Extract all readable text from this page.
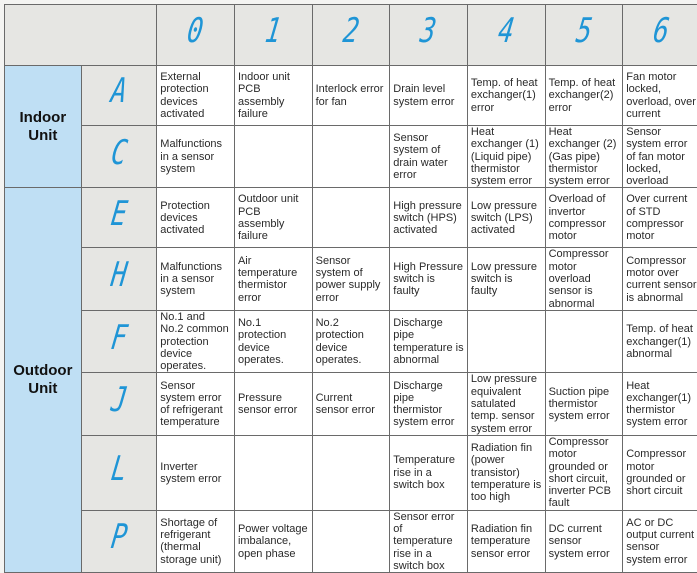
		0	1	2	3	4	5	6
Indoor
Unit	A	External protection devices activated	Indoor unit PCB assembly failure	Interlock error for fan	Drain level system error	Temp. of heat exchanger(1) error	Temp. of heat exchanger(2) error	Fan motor locked, overload, over current
	C	Malfunctions in a sensor system			Sensor system of drain water error	Heat exchanger (1) (Liquid pipe) thermistor system error	Heat exchanger (2) (Gas pipe) thermistor system error	Sensor system error of fan motor locked, overload
Outdoor
Unit	E	Protection devices activated	Outdoor unit PCB assembly failure		High pressure switch (HPS) activated	Low pressure switch (LPS) activated	Overload of invertor compressor motor	Over current of STD compressor motor
	H	Malfunctions in a sensor system	Air temperature thermistor error	Sensor system of power supply error	High Pressure switch is faulty	Low pressure switch is faulty	Compressor motor overload sensor is abnormal	Compressor motor over current sensor is abnormal
	F	No.1 and No.2 common protection device operates.	No.1 protection device operates.	No.2 protection device operates.	Discharge pipe temperature is abnormal			Temp. of heat exchanger(1) abnormal
	J	Sensor system error of refrigerant temperature	Pressure sensor error	Current sensor error	Discharge pipe thermistor system error	Low pressure equivalent satulated temp. sensor system error	Suction pipe thermistor system error	Heat exchanger(1) thermistor system error
	L	Inverter system error			Temperature rise in a switch box	Radiation fin (power transistor) temperature is too high	Compressor motor grounded or short circuit, inverter PCB fault	Compressor motor grounded or short circuit
	P	Shortage of refrigerant (thermal storage unit)	Power voltage imbalance, open phase		Sensor error of temperature rise in a switch box	Radiation fin temperature sensor error	DC current sensor system error	AC or DC output current sensor system error
